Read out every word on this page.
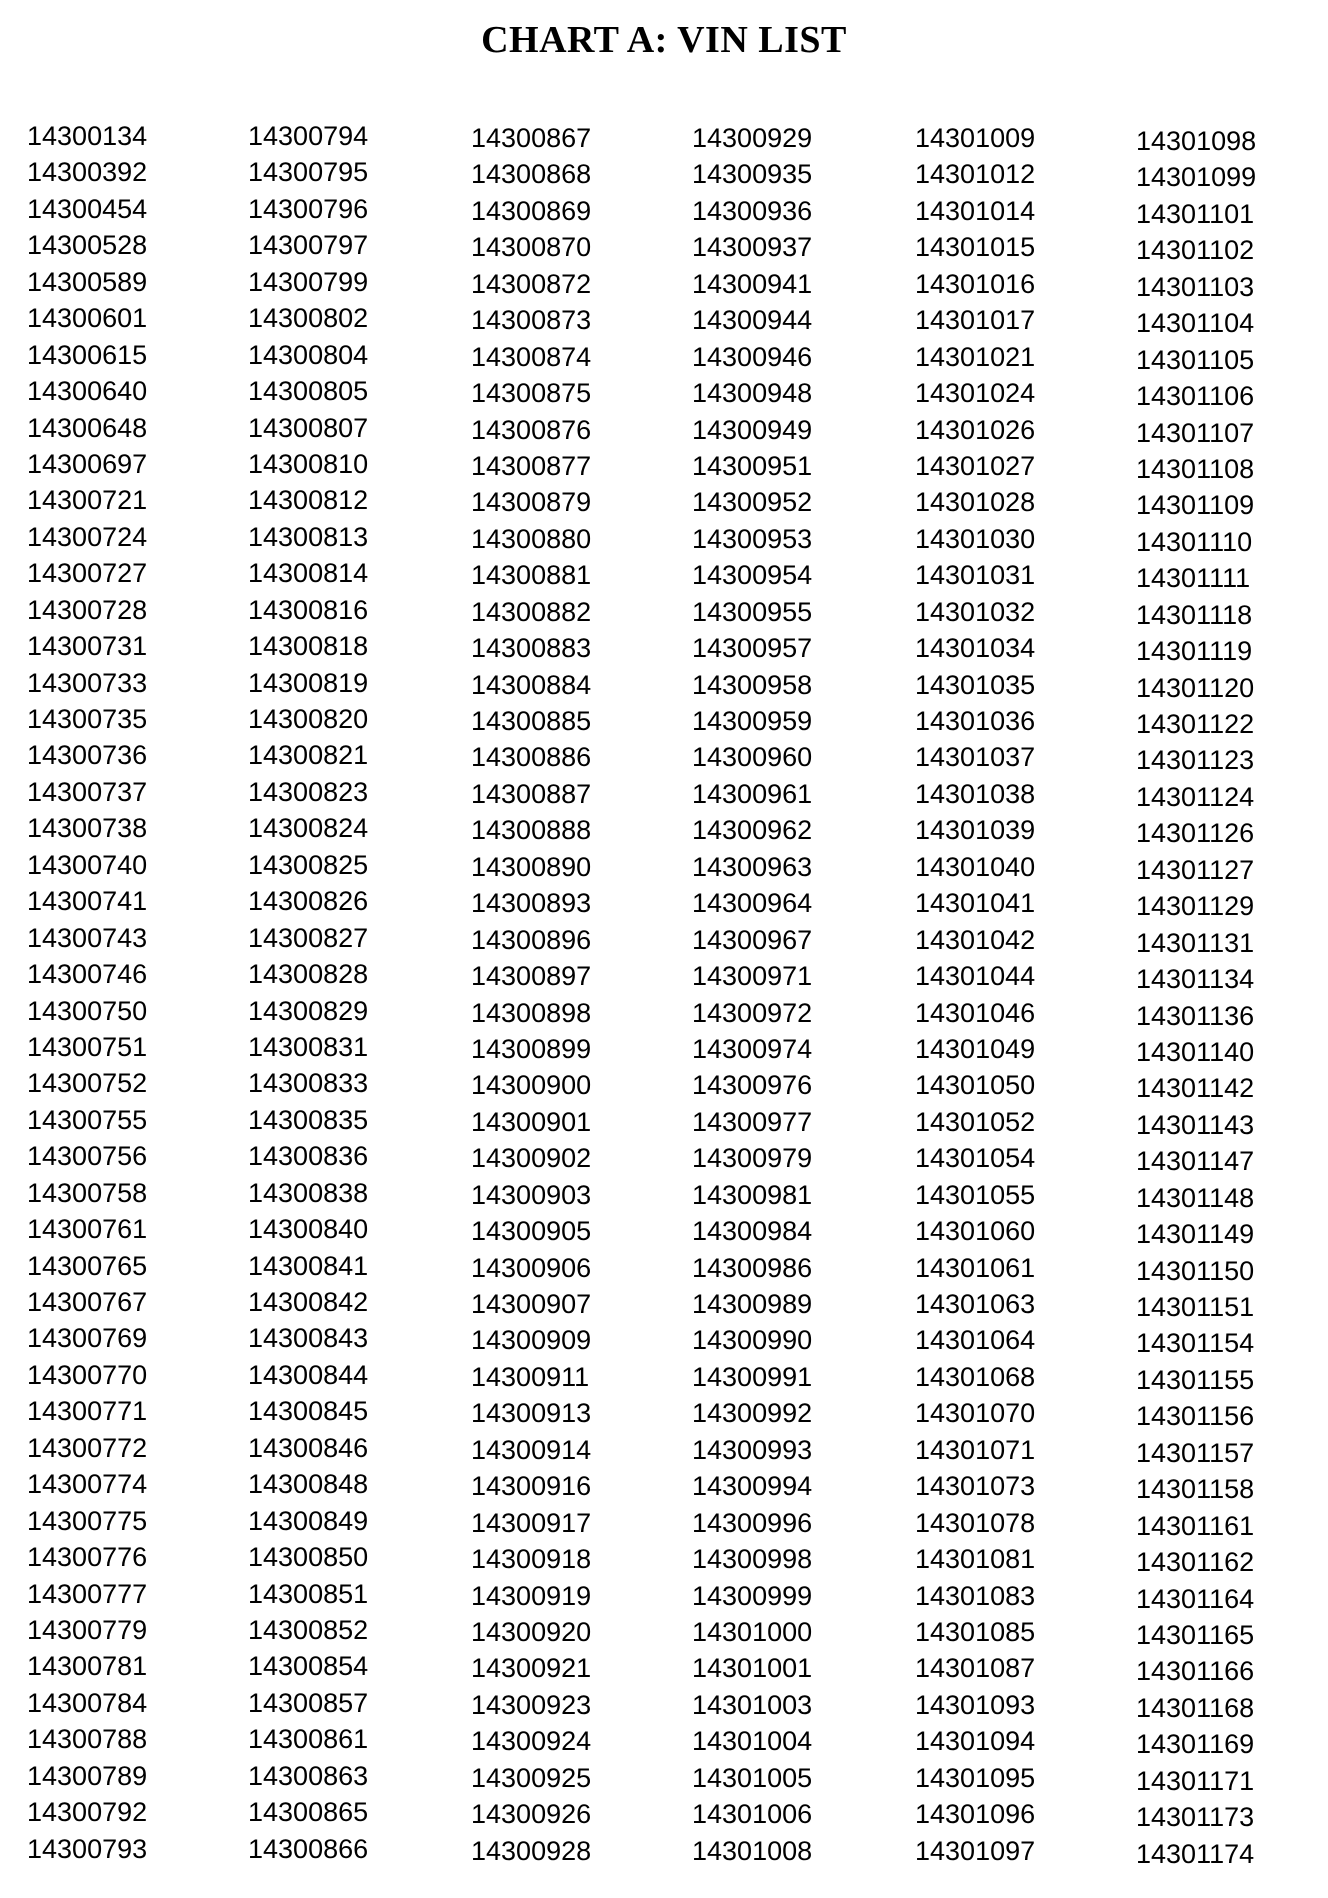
CHART A: VIN LIST
14300134
14300392
14300454
14300528
14300589
14300601
14300615
14300640
14300648
14300697
14300721
14300724
14300727
14300728
14300731
14300733
14300735
14300736
14300737
14300738
14300740
14300741
14300743
14300746
14300750
14300751
14300752
14300755
14300756
14300758
14300761
14300765
14300767
14300769
14300770
14300771
14300772
14300774
14300775
14300776
14300777
14300779
14300781
14300784
14300788
14300789
14300792
14300793
14300794
14300795
14300796
14300797
14300799
14300802
14300804
14300805
14300807
14300810
14300812
14300813
14300814
14300816
14300818
14300819
14300820
14300821
14300823
14300824
14300825
14300826
14300827
14300828
14300829
14300831
14300833
14300835
14300836
14300838
14300840
14300841
14300842
14300843
14300844
14300845
14300846
14300848
14300849
14300850
14300851
14300852
14300854
14300857
14300861
14300863
14300865
14300866
14300867
14300868
14300869
14300870
14300872
14300873
14300874
14300875
14300876
14300877
14300879
14300880
14300881
14300882
14300883
14300884
14300885
14300886
14300887
14300888
14300890
14300893
14300896
14300897
14300898
14300899
14300900
14300901
14300902
14300903
14300905
14300906
14300907
14300909
14300911
14300913
14300914
14300916
14300917
14300918
14300919
14300920
14300921
14300923
14300924
14300925
14300926
14300928
14300929
14300935
14300936
14300937
14300941
14300944
14300946
14300948
14300949
14300951
14300952
14300953
14300954
14300955
14300957
14300958
14300959
14300960
14300961
14300962
14300963
14300964
14300967
14300971
14300972
14300974
14300976
14300977
14300979
14300981
14300984
14300986
14300989
14300990
14300991
14300992
14300993
14300994
14300996
14300998
14300999
14301000
14301001
14301003
14301004
14301005
14301006
14301008
14301009
14301012
14301014
14301015
14301016
14301017
14301021
14301024
14301026
14301027
14301028
14301030
14301031
14301032
14301034
14301035
14301036
14301037
14301038
14301039
14301040
14301041
14301042
14301044
14301046
14301049
14301050
14301052
14301054
14301055
14301060
14301061
14301063
14301064
14301068
14301070
14301071
14301073
14301078
14301081
14301083
14301085
14301087
14301093
14301094
14301095
14301096
14301097
14301098
14301099
14301101
14301102
14301103
14301104
14301105
14301106
14301107
14301108
14301109
14301110
14301111
14301118
14301119
14301120
14301122
14301123
14301124
14301126
14301127
14301129
14301131
14301134
14301136
14301140
14301142
14301143
14301147
14301148
14301149
14301150
14301151
14301154
14301155
14301156
14301157
14301158
14301161
14301162
14301164
14301165
14301166
14301168
14301169
14301171
14301173
14301174
